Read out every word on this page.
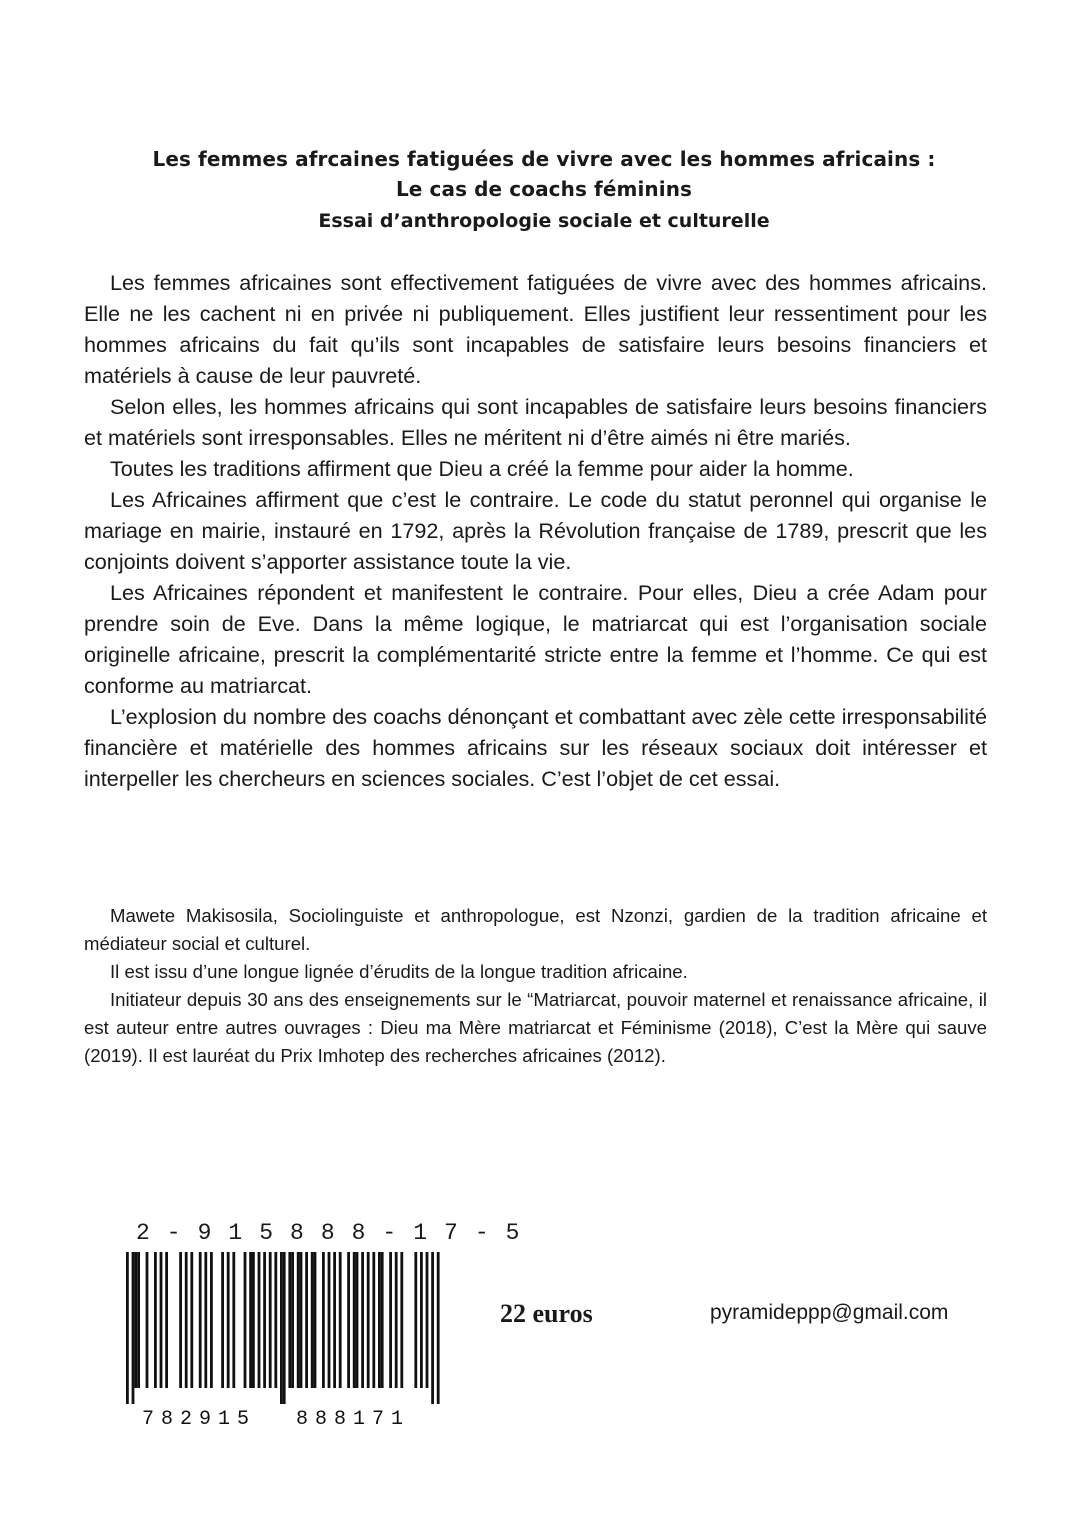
Les femmes afrcaines fatiguées de vivre avec les hommes africains :

Le cas de coachs féminins

Essai d’anthropologie sociale et culturelle

Les femmes africaines sont effectivement fatiguées de vivre avec des hommes africains. Elle ne les cachent ni en privée ni publiquement. Elles justifient leur ressentiment pour les hommes africains du fait qu’ils sont incapables de satisfaire leurs besoins financiers et matériels à cause de leur pauvreté.

Selon elles, les hommes africains qui sont incapables de satisfaire leurs besoins financiers et matériels sont irresponsables. Elles ne méritent ni d’être aimés ni être mariés.

Toutes les traditions affirment que Dieu a créé la femme pour aider la homme.

Les Africaines affirment que c’est le contraire. Le code du statut peronnel qui organise le mariage en mairie, instauré en 1792, après la Révolution française de 1789, prescrit que les conjoints doivent s’apporter assistance toute la vie.

Les Africaines répondent et manifestent le contraire. Pour elles, Dieu a crée Adam pour prendre soin de Eve. Dans la même logique, le matriarcat qui est l’organisation sociale originelle africaine, prescrit la complémentarité stricte entre la femme et l’homme. Ce qui est conforme au matriarcat.

L’explosion du nombre des coachs dénonçant et combattant avec zèle cette irresponsabilité financière et matérielle des hommes africains sur les réseaux sociaux doit intéresser et interpeller les chercheurs en sciences sociales. C’est l’objet de cet essai.

Mawete Makisosila, Sociolinguiste et anthropologue, est Nzonzi, gardien de la tradition africaine et médiateur social et culturel.

Il est issu d’une longue lignée d’érudits de la longue tradition africaine.

Initiateur depuis 30 ans des enseignements sur le “Matriarcat, pouvoir maternel et renaissance africaine, il est auteur entre autres ouvrages : Dieu ma Mère matriarcat et Féminisme (2018), C’est la Mère qui sauve (2019). Il est lauréat du Prix Imhotep des recherches africaines (2012).

2 - 9 1 5 8 8 8 - 1 7 - 5
782915 888171
22 euros	pyramideppp@gmail.com
